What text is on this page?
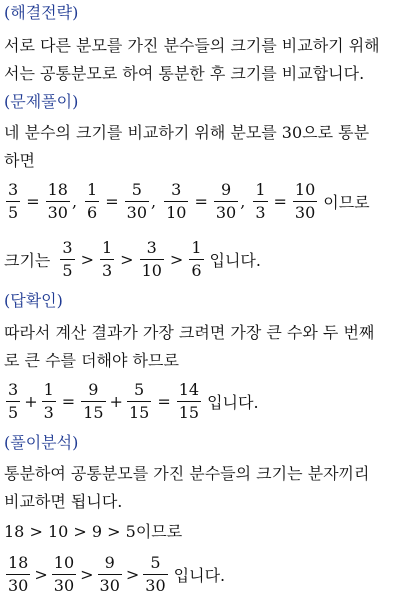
(해결전략)
서로 다른 분모를 가진 분수들의 크기를 비교하기 위해
서는 공통분모로 하여 통분한 후 크기를 비교합니다.
(문제풀이)
네 분수의 크기를 비교하기 위해 분모를 30으로 통분
하면
$\frac{3}{5} = \frac{18}{30}$ , $\frac{1}{6} = \frac{5}{30}$ , $\frac{3}{10} = \frac{9}{30}$ , $\frac{1}{3} = \frac{10}{30}$ 이므로
크기는 $\frac{3}{5} > \frac{1}{3} > \frac{3}{10} > \frac{1}{6}$ 입니다.
(답확인)
따라서 계산 결과가 가장 크려면 가장 큰 수와 두 번째
로 큰 수를 더해야 하므로
$\frac{3}{5} + \frac{1}{3} = \frac{9}{15} + \frac{5}{15} = \frac{14}{15}$ 입니다.
(풀이분석)
통분하여 공통분모를 가진 분수들의 크기는 분자끼리
비교하면 됩니다.
18 > 10 > 9 > 5이므로
$\frac{18}{30} > \frac{10}{30} > \frac{9}{30} > \frac{5}{30}$ 입니다.
